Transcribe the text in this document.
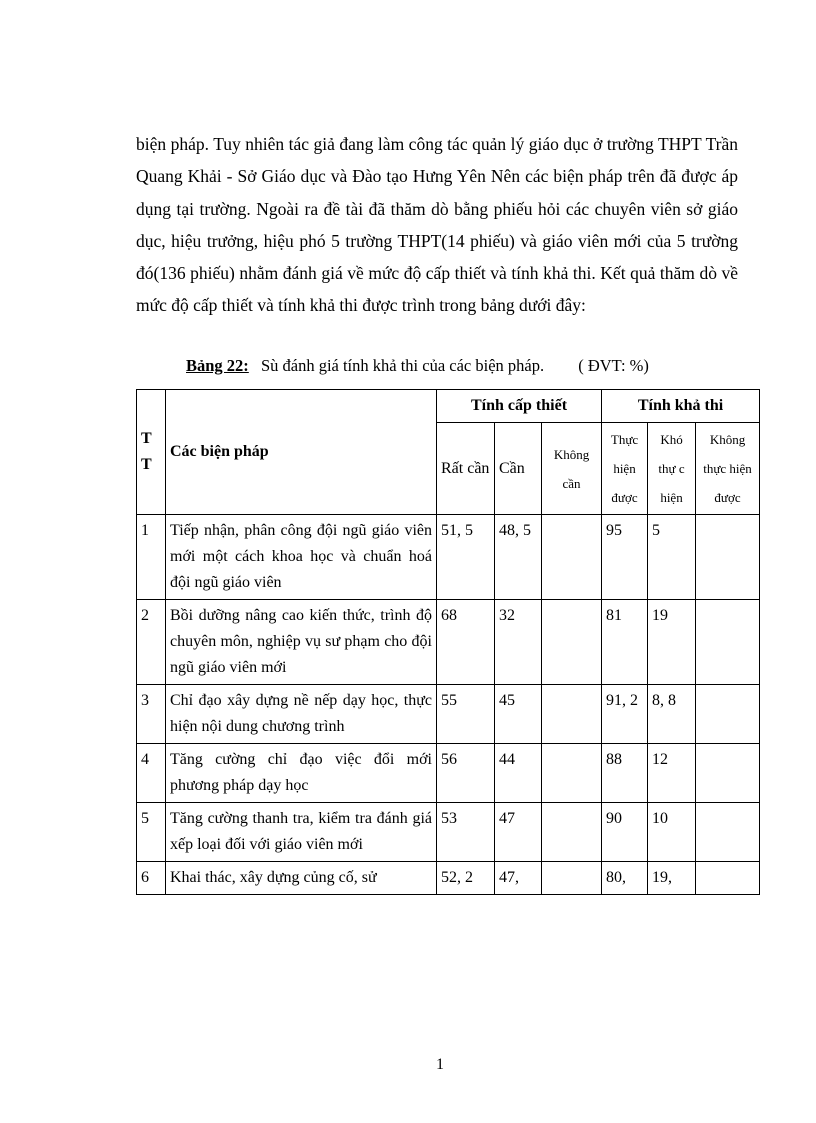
biện pháp. Tuy nhiên tác giả đang làm công tác quản lý giáo dục ở trường THPT Trần Quang Khải - Sở Giáo dục và Đào tạo Hưng Yên Nên các biện pháp trên đã được áp dụng tại trường. Ngoài ra đề tài đã thăm dò bằng phiếu hỏi các chuyên viên sở giáo dục, hiệu trưởng, hiệu phó 5 trường THPT(14 phiếu) và giáo viên mới của 5 trường đó(136 phiếu) nhằm đánh giá về mức độ cấp thiết và tính khả thi. Kết quả thăm dò về mức độ cấp thiết và tính khả thi được trình trong bảng dưới đây:

Bảng 22: Sù đánh giá tính khả thi của các biện pháp. ( ĐVT: %)
T T	Các biện pháp	Tính cấp thiết			Tính khả thi		
		Rất cần	Cần	Không cần	Thực hiện được	Khó thự c hiện	Không thực hiện được
1	Tiếp nhận, phân công đội ngũ giáo viên mới một cách khoa học và chuẩn hoá đội ngũ giáo viên	51, 5	48, 5		95	5	
2	Bồi dưỡng nâng cao kiến thức, trình độ chuyên môn, nghiệp vụ sư phạm cho đội ngũ giáo viên mới	68	32		81	19	
3	Chỉ đạo xây dựng nề nếp dạy học, thực hiện nội dung chương trình	55	45		91, 2	8, 8	
4	Tăng cường chỉ đạo việc đổi mới phương pháp dạy học	56	44		88	12	
5	Tăng cường thanh tra, kiểm tra đánh giá xếp loại đối với giáo viên mới	53	47		90	10	
6	Khai thác, xây dựng củng cố, sử	52, 2	47,		80,	19,	
1
